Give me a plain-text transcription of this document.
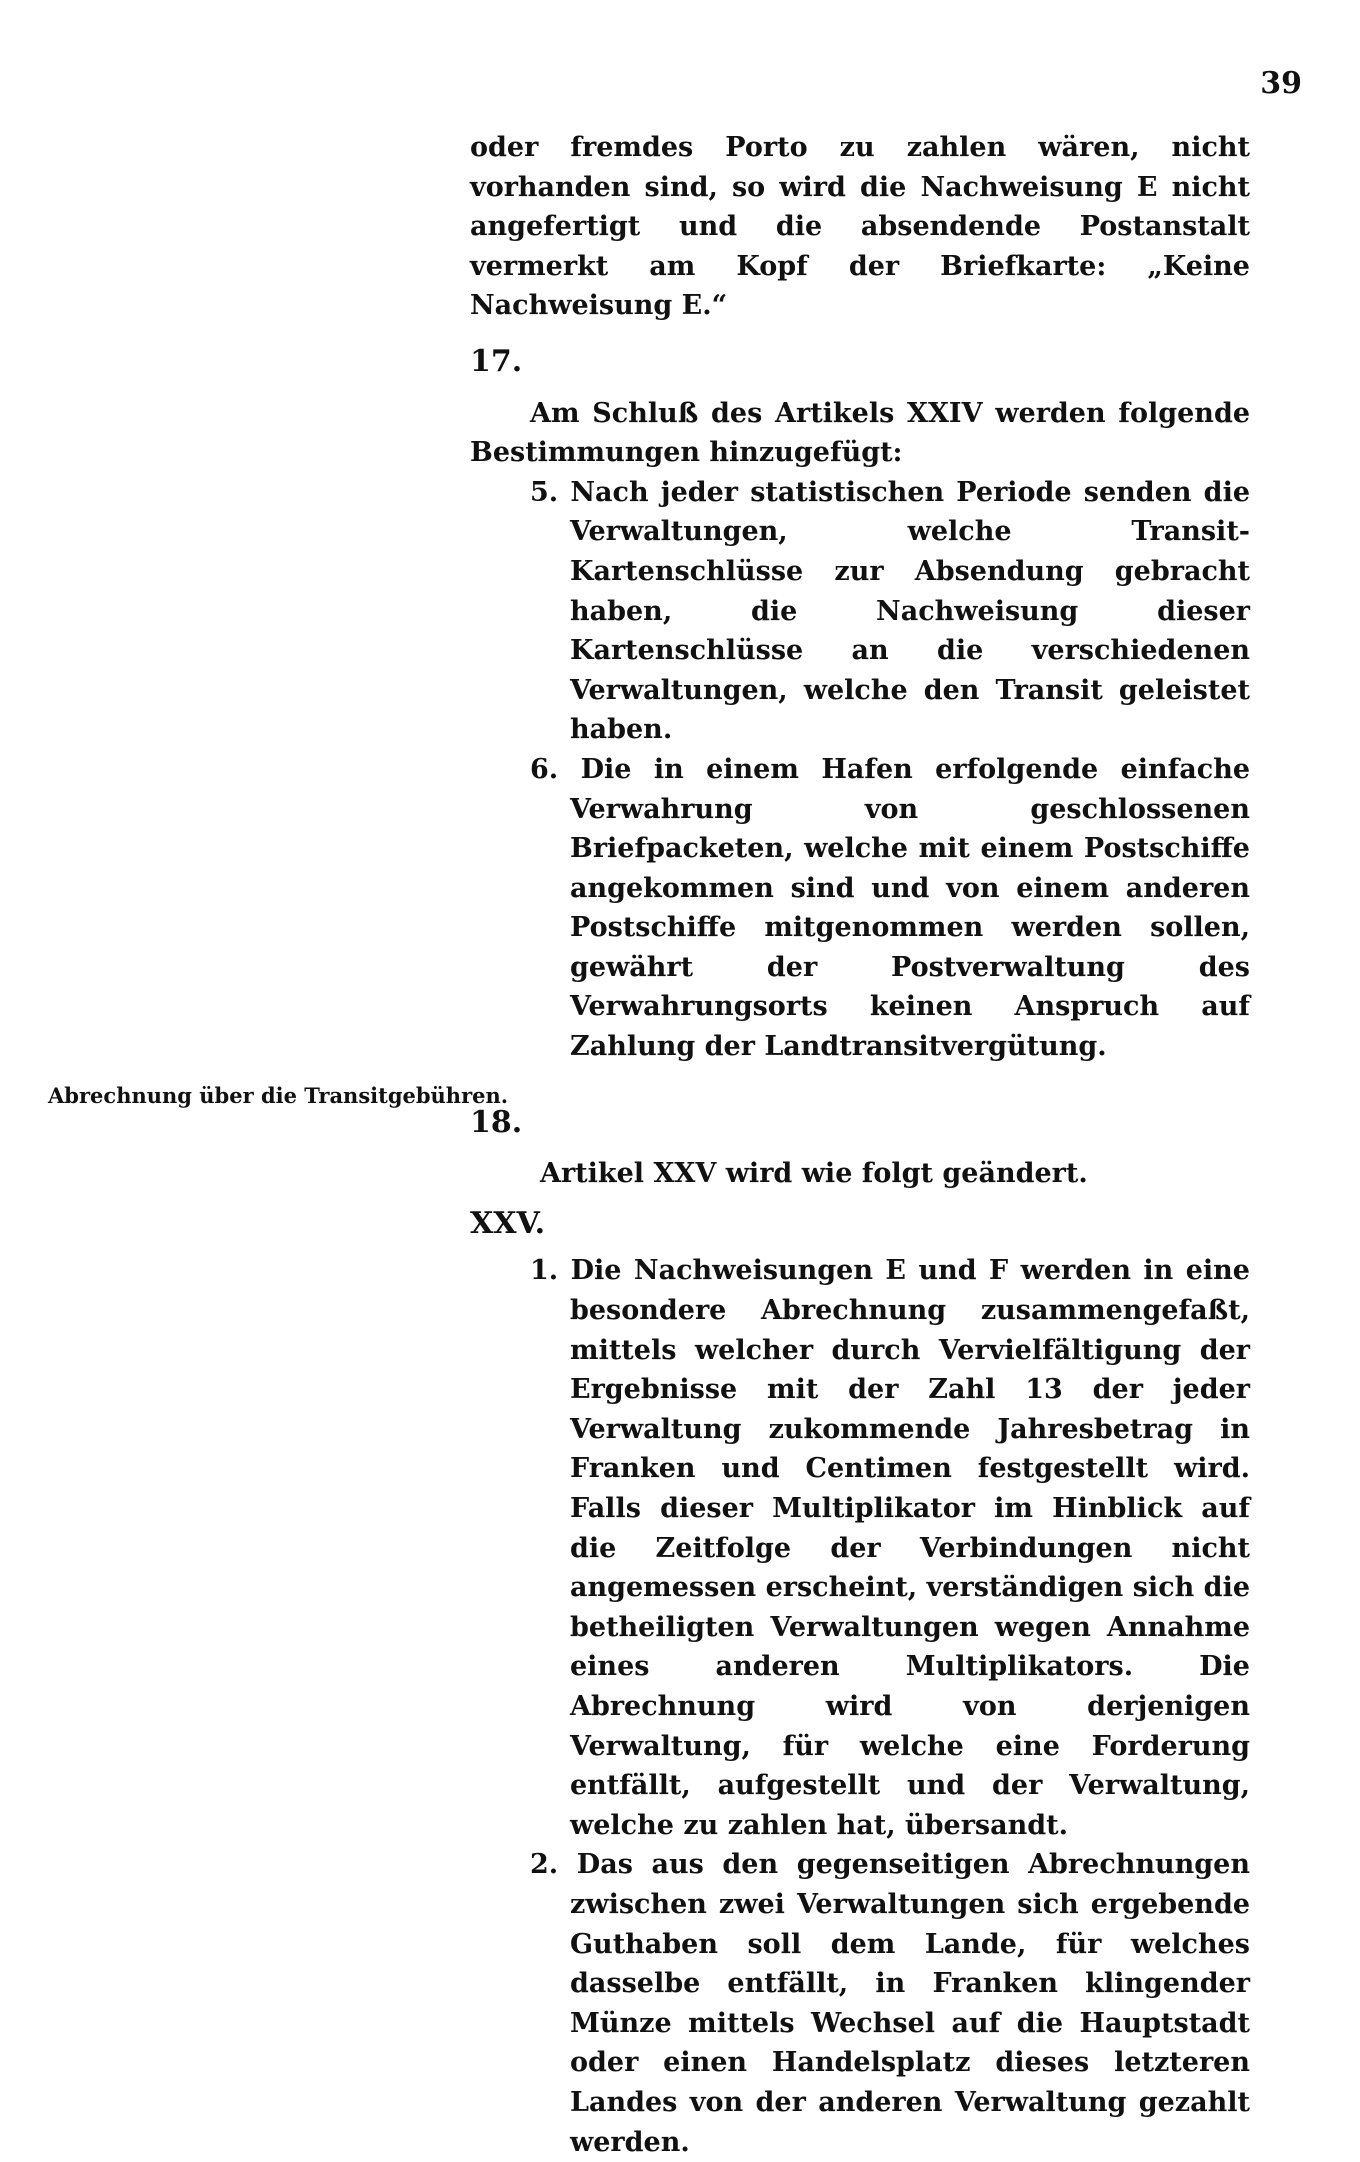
39
Abrechnung über die Transitgebühren.

oder fremdes Porto zu zahlen wären, nicht vorhanden sind, so wird die Nachweisung E nicht angefertigt und die absendende Postanstalt vermerkt am Kopf der Briefkarte: „Keine Nachweisung E.“

17.

Am Schluß des Artikels XXIV werden folgende Bestimmungen hinzugefügt:

5. Nach jeder statistischen Periode senden die Verwaltungen, welche Transit-Kartenschlüsse zur Absendung gebracht haben, die Nachweisung dieser Kartenschlüsse an die verschiedenen Verwaltungen, welche den Transit geleistet haben.

6. Die in einem Hafen erfolgende einfache Verwahrung von geschlossenen Briefpacketen, welche mit einem Postschiffe angekommen sind und von einem anderen Postschiffe mitgenommen werden sollen, gewährt der Postverwaltung des Verwahrungsorts keinen Anspruch auf Zahlung der Landtransitvergütung.

18.

Artikel XXV wird wie folgt geändert.

XXV.

1. Die Nachweisungen E und F werden in eine besondere Abrechnung zusammengefaßt, mittels welcher durch Vervielfältigung der Ergebnisse mit der Zahl 13 der jeder Verwaltung zukommende Jahresbetrag in Franken und Centimen festgestellt wird. Falls dieser Multiplikator im Hinblick auf die Zeitfolge der Verbindungen nicht angemessen erscheint, verständigen sich die betheiligten Verwaltungen wegen Annahme eines anderen Multiplikators. Die Abrechnung wird von derjenigen Verwaltung, für welche eine Forderung entfällt, aufgestellt und der Verwaltung, welche zu zahlen hat, übersandt.

2. Das aus den gegenseitigen Abrechnungen zwischen zwei Verwaltungen sich ergebende Guthaben soll dem Lande, für welches dasselbe entfällt, in Franken klingender Münze mittels Wechsel auf die Hauptstadt oder einen Handelsplatz dieses letzteren Landes von der anderen Verwaltung gezahlt werden.
